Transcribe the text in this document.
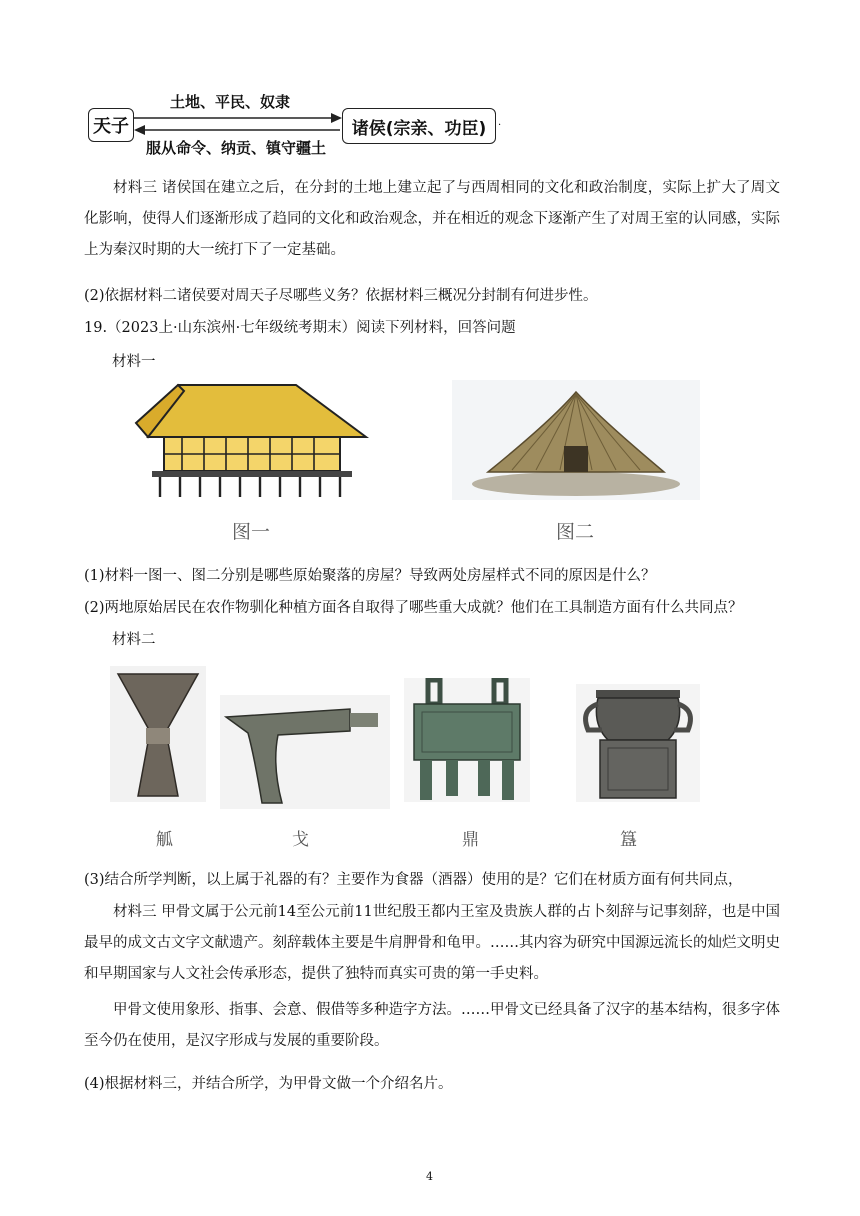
天子	诸侯(宗亲、功臣)
土地、平民、奴隶
服从命令、纳贡、镇守疆土
·
材料三 诸侯国在建立之后，在分封的土地上建立起了与西周相同的文化和政治制度，实际上扩大了周文化影响，使得人们逐渐形成了趋同的文化和政治观念，并在相近的观念下逐渐产生了对周王室的认同感，实际上为秦汉时期的大一统打下了一定基础。
(2)依据材料二诸侯要对周天子尽哪些义务？依据材料三概况分封制有何进步性。
19.（2023上·山东滨州·七年级统考期末）阅读下列材料，回答问题
材料一
图一	图二
(1)材料一图一、图二分别是哪些原始聚落的房屋？导致两处房屋样式不同的原因是什么？
(2)两地原始居民在农作物驯化种植方面各自取得了哪些重大成就？他们在工具制造方面有什么共同点？
材料二
觚	戈	鼎	簋
(3)结合所学判断，以上属于礼器的有？主要作为食器（酒器）使用的是？它们在材质方面有何共同点，
材料三 甲骨文属于公元前14至公元前11世纪殷王都内王室及贵族人群的占卜刻辞与记事刻辞，也是中国最早的成文古文字文献遗产。刻辞载体主要是牛肩胛骨和龟甲。……其内容为研究中国源远流长的灿烂文明史和早期国家与人文社会传承形态，提供了独特而真实可贵的第一手史料。
甲骨文使用象形、指事、会意、假借等多种造字方法。……甲骨文已经具备了汉字的基本结构，很多字体至今仍在使用，是汉字形成与发展的重要阶段。
(4)根据材料三，并结合所学，为甲骨文做一个介绍名片。
4
